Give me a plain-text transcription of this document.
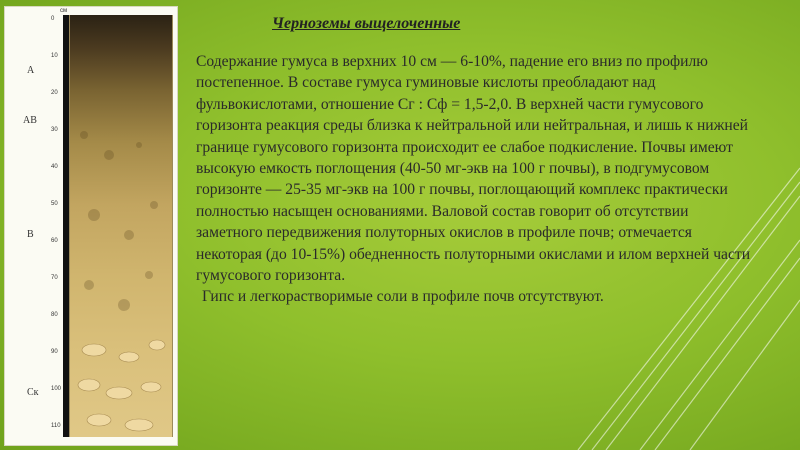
см
0
10
20
30
40
50
60
70
80
90
100
110
A
AB
B
Cк
Черноземы выщелоченные

Содержание гумуса в верхних 10 см — 6-10%, падение его вниз по профилю постепенное. В составе гумуса гуминовые кислоты преобладают над фульвокислотами, отношение Сг : Сф = 1,5-2,0. В верхней части гумусового горизонта реакция среды близка к нейтральной или нейтральная, и лишь к нижней границе гумусового горизонта происходит ее слабое подкисление. Почвы имеют высокую емкость поглощения (40-50 мг-экв на 100 г почвы), в подгумусовом горизонте — 25-35 мг-экв на 100 г почвы, поглощающий комплекс практически полностью насыщен основаниями. Валовой состав говорит об отсутствии заметного передвижения полуторных окислов в профиле почв; отмечается некоторая (до 10-15%) обедненность полуторными окислами и илом верхней части гумусового горизонта.

Гипс и легкорастворимые соли в профиле почв отсутствуют.
